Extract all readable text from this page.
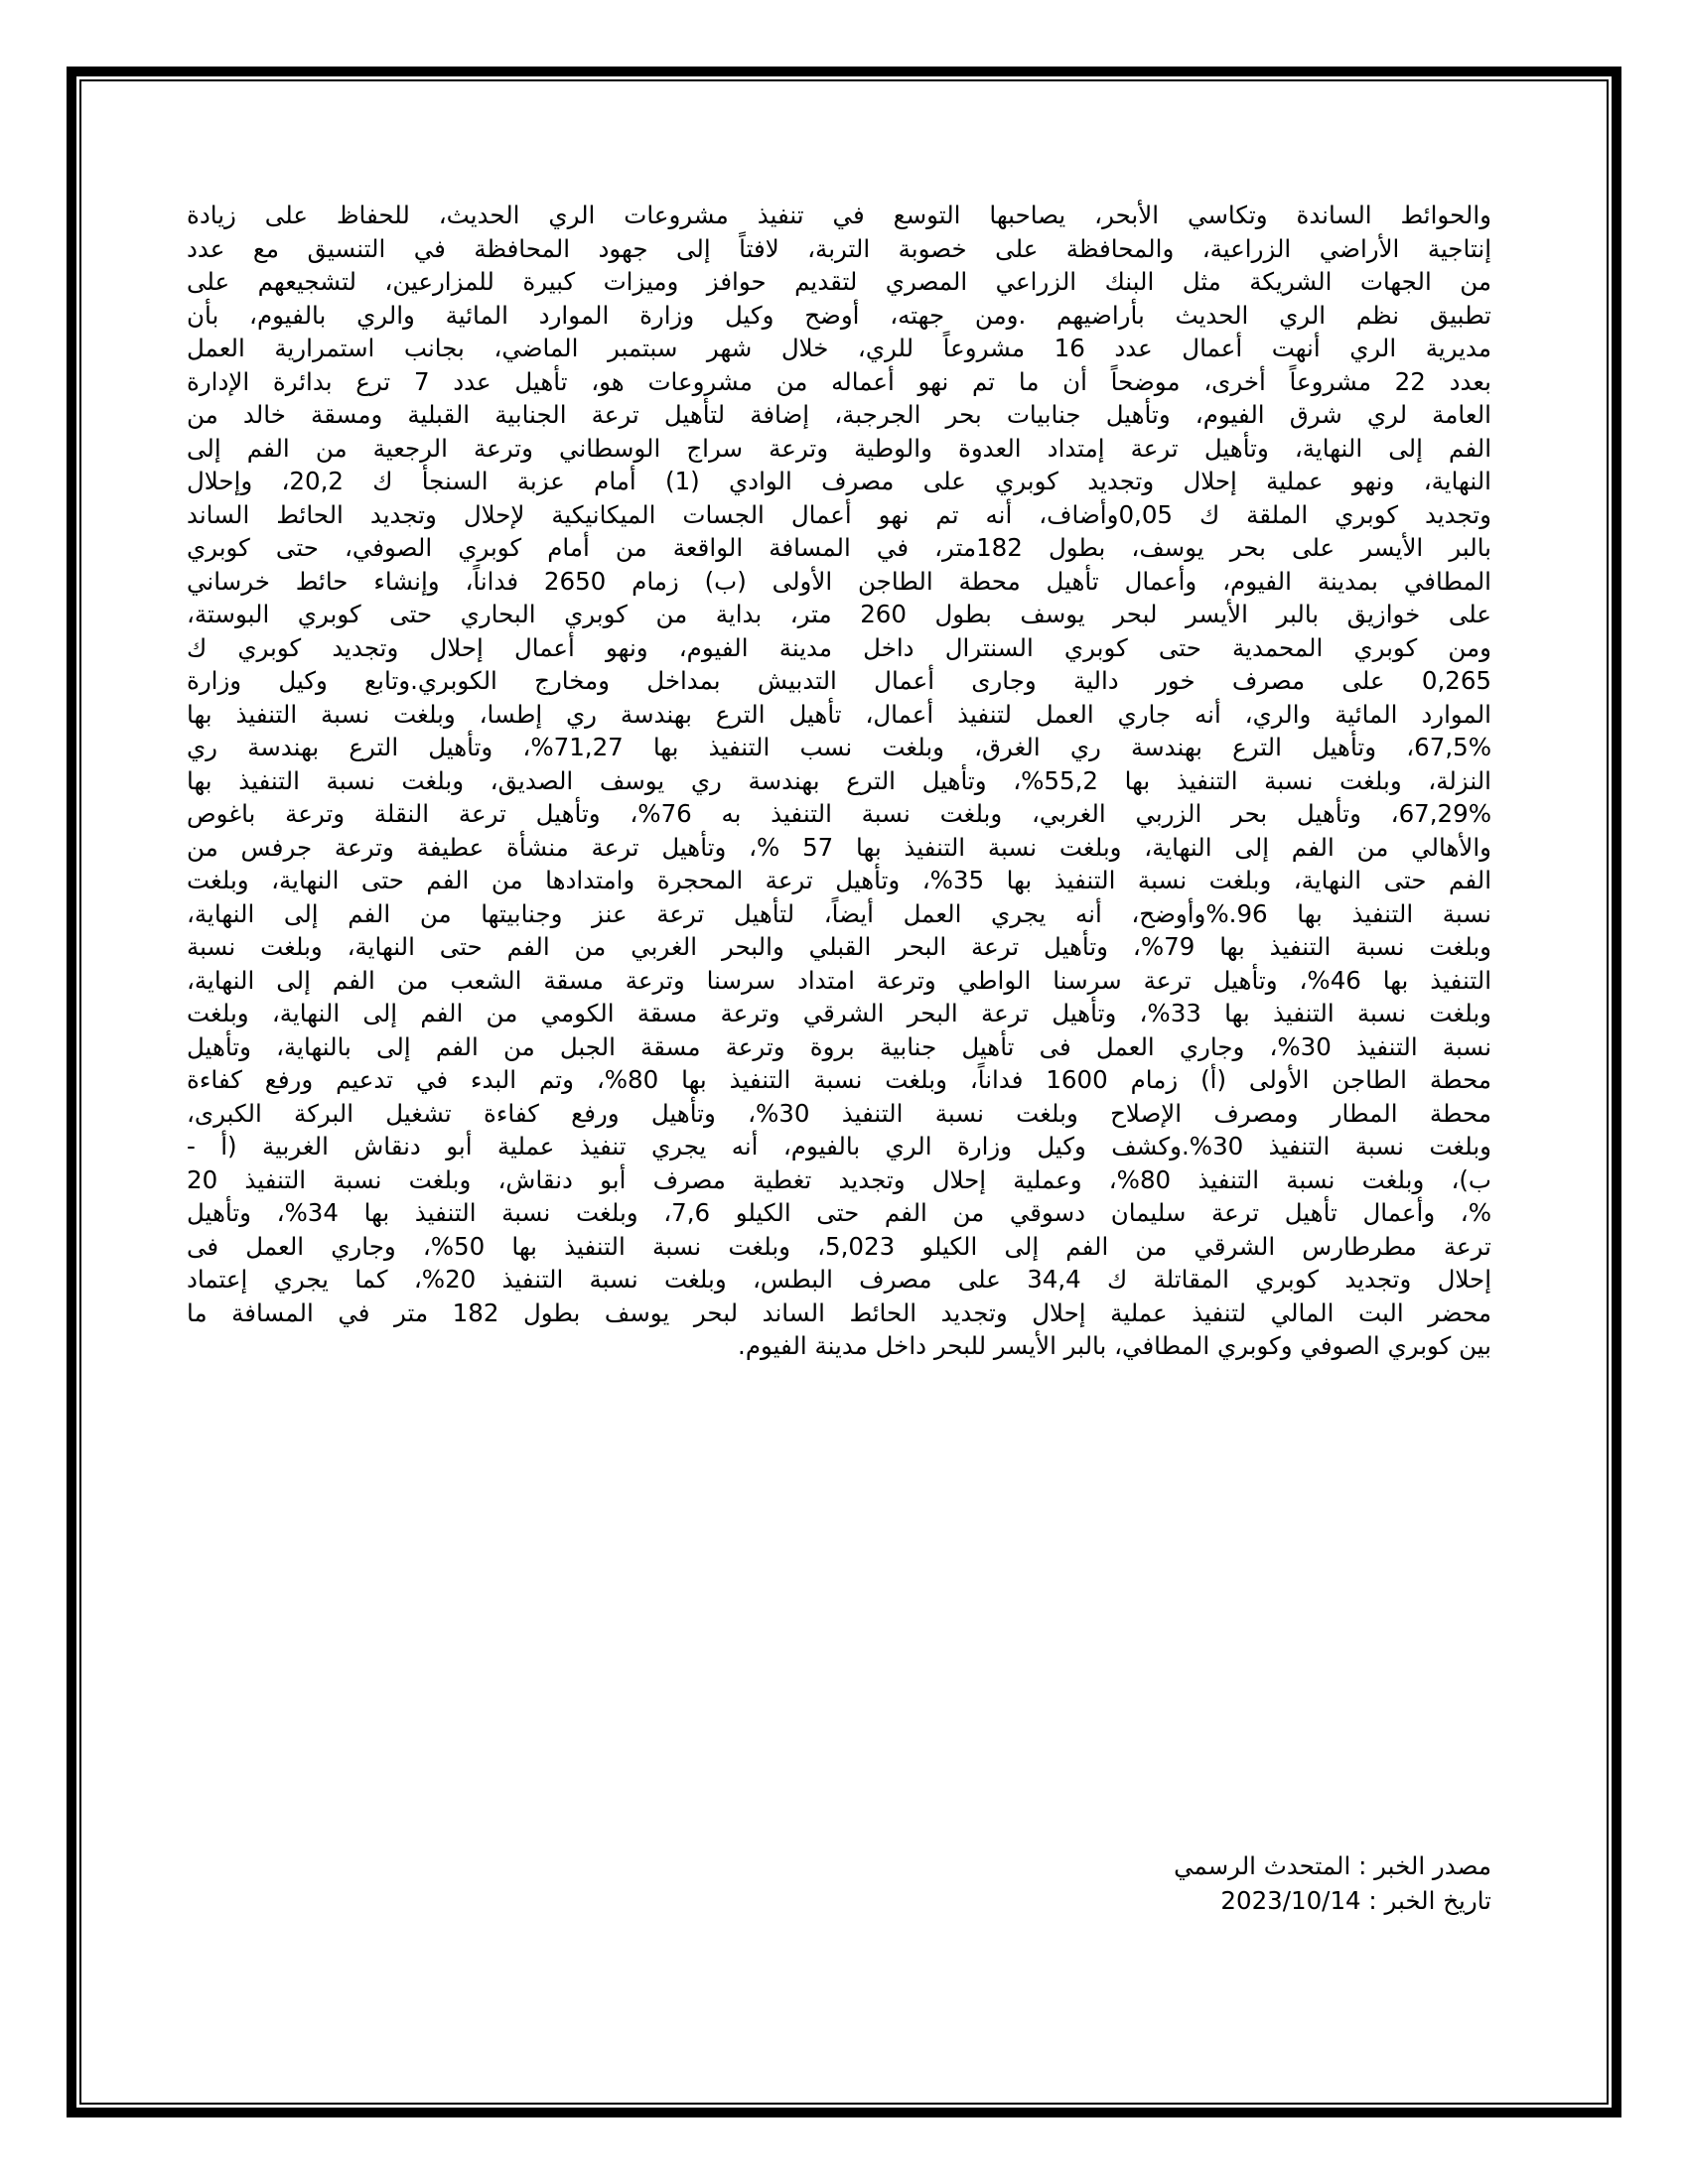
والحوائط الساندة وتكاسي الأبحر، يصاحبها التوسع في تنفيذ مشروعات الري الحديث، للحفاظ على زيادة
إنتاجية الأراضي الزراعية، والمحافظة على خصوبة التربة، لافتاً إلى جهود المحافظة في التنسيق مع عدد
من الجهات الشريكة مثل البنك الزراعي المصري لتقديم حوافز وميزات كبيرة للمزارعين، لتشجيعهم على
تطبيق نظم الري الحديث بأراضيهم .ومن جهته، أوضح وكيل وزارة الموارد المائية والري بالفيوم، بأن
مديرية الري أنهت أعمال عدد 16 مشروعاً للري، خلال شهر سبتمبر الماضي، بجانب استمرارية العمل
بعدد 22 مشروعاً أخرى، موضحاً أن ما تم نهو أعماله من مشروعات هو، تأهيل عدد 7 ترع بدائرة الإدارة
العامة لري شرق الفيوم، وتأهيل جنابيات بحر الجرجبة، إضافة لتأهيل ترعة الجنابية القبلية ومسقة خالد من
الفم إلى النهاية، وتأهيل ترعة إمتداد العدوة والوطية وترعة سراج الوسطاني وترعة الرجعية من الفم إلى
النهاية، ونهو عملية إحلال وتجديد كوبري على مصرف الوادي (1) أمام عزبة السنجأ ك 20,2، وإحلال
وتجديد كوبري الملقة ك 0,05وأضاف، أنه تم نهو أعمال الجسات الميكانيكية لإحلال وتجديد الحائط الساند
بالبر الأيسر على بحر يوسف، بطول 182متر، في المسافة الواقعة من أمام كوبري الصوفي، حتى كوبري
المطافي بمدينة الفيوم، وأعمال تأهيل محطة الطاجن الأولى (ب) زمام 2650 فداناً، وإنشاء حائط خرساني
على خوازيق بالبر الأيسر لبحر يوسف بطول 260 متر، بداية من كوبري البحاري حتى كوبري البوستة،
ومن كوبري المحمدية حتى كوبري السنترال داخل مدينة الفيوم، ونهو أعمال إحلال وتجديد كوبري ك
0,265 على مصرف خور دالية وجارى أعمال التدبيش بمداخل ومخارج الكوبري.وتابع وكيل وزارة
الموارد المائية والري، أنه جاري العمل لتنفيذ أعمال، تأهيل الترع بهندسة ري إطسا، وبلغت نسبة التنفيذ بها
67,5%، وتأهيل الترع بهندسة ري الغرق، وبلغت نسب التنفيذ بها 71,27%، وتأهيل الترع بهندسة ري
النزلة، وبلغت نسبة التنفيذ بها 55,2%، وتأهيل الترع بهندسة ري يوسف الصديق، وبلغت نسبة التنفيذ بها
67,29%، وتأهيل بحر الزربي الغربي، وبلغت نسبة التنفيذ به 76%، وتأهيل ترعة النقلة وترعة باغوص
والأهالي من الفم إلى النهاية، وبلغت نسبة التنفيذ بها 57 %، وتأهيل ترعة منشأة عطيفة وترعة جرفس من
الفم حتى النهاية، وبلغت نسبة التنفيذ بها 35%، وتأهيل ترعة المحجرة وامتدادها من الفم حتى النهاية، وبلغت
نسبة التنفيذ بها 96.%وأوضح، أنه يجري العمل أيضاً، لتأهيل ترعة عنز وجنابيتها من الفم إلى النهاية،
وبلغت نسبة التنفيذ بها 79%، وتأهيل ترعة البحر القبلي والبحر الغربي من الفم حتى النهاية، وبلغت نسبة
التنفيذ بها 46%، وتأهيل ترعة سرسنا الواطي وترعة امتداد سرسنا وترعة مسقة الشعب من الفم إلى النهاية،
وبلغت نسبة التنفيذ بها 33%، وتأهيل ترعة البحر الشرقي وترعة مسقة الكومي من الفم إلى النهاية، وبلغت
نسبة التنفيذ 30%، وجاري العمل فى تأهيل جنابية بروة وترعة مسقة الجبل من الفم إلى بالنهاية، وتأهيل
محطة الطاجن الأولى (أ) زمام 1600 فداناً، وبلغت نسبة التنفيذ بها 80%، وتم البدء في تدعيم ورفع كفاءة
محطة المطار ومصرف الإصلاح وبلغت نسبة التنفيذ 30%، وتأهيل ورفع كفاءة تشغيل البركة الكبرى،
وبلغت نسبة التنفيذ 30%.وكشف وكيل وزارة الري بالفيوم، أنه يجري تنفيذ عملية أبو دنقاش الغربية (أ -
ب)، وبلغت نسبة التنفيذ 80%، وعملية إحلال وتجديد تغطية مصرف أبو دنقاش، وبلغت نسبة التنفيذ 20
%، وأعمال تأهيل ترعة سليمان دسوقي من الفم حتى الكيلو 7,6، وبلغت نسبة التنفيذ بها 34%، وتأهيل
ترعة مطرطارس الشرقي من الفم إلى الكيلو 5,023، وبلغت نسبة التنفيذ بها 50%، وجاري العمل فى
إحلال وتجديد كوبري المقاتلة ك 34,4 على مصرف البطس، وبلغت نسبة التنفيذ 20%، كما يجري إعتماد
محضر البت المالي لتنفيذ عملية إحلال وتجديد الحائط الساند لبحر يوسف بطول 182 متر في المسافة ما
بين كوبري الصوفي وكوبري المطافي، بالبر الأيسر للبحر داخل مدينة الفيوم.
مصدر الخبر : المتحدث الرسمي
تاريخ الخبر : 2023/10/14
